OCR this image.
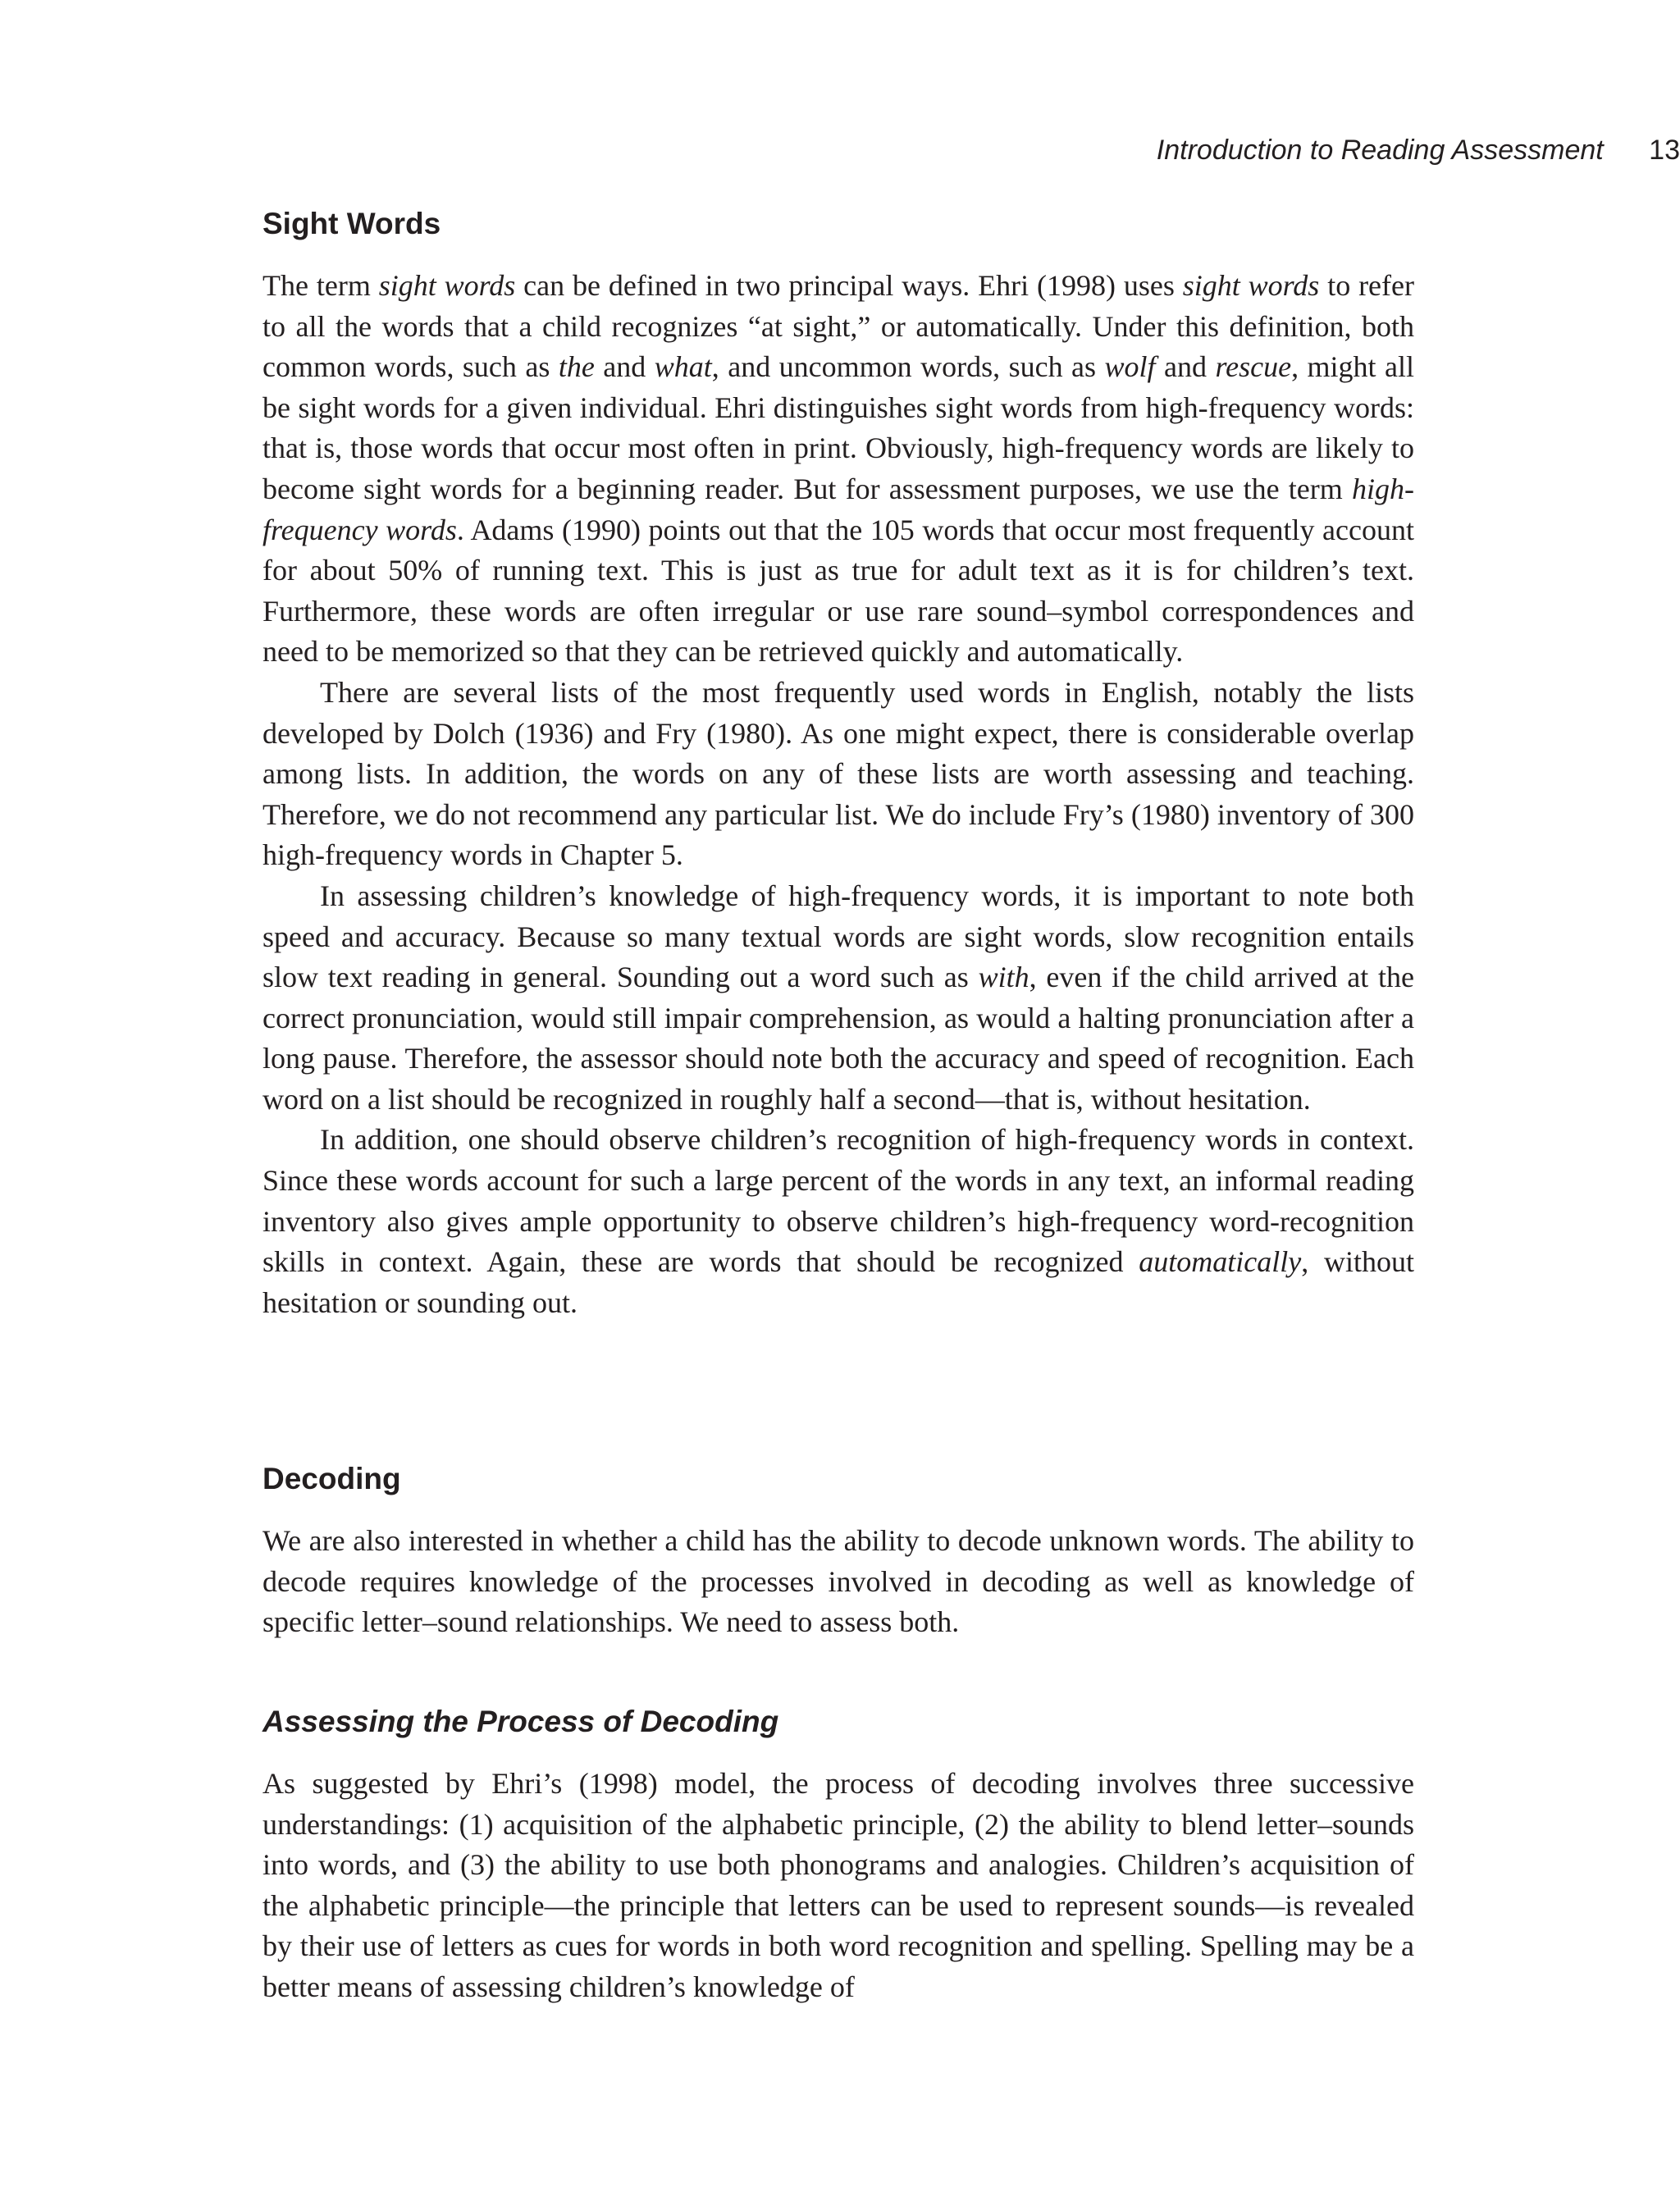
Introduction to Reading Assessment 13
Sight Words

The term sight words can be defined in two principal ways. Ehri (1998) uses sight words to refer to all the words that a child recognizes “at sight,” or automatically. Under this definition, both common words, such as the and what, and uncommon words, such as wolf and rescue, might all be sight words for a given individual. Ehri distinguishes sight words from high-frequency words: that is, those words that occur most often in print. Obviously, high-frequency words are likely to become sight words for a beginning reader. But for assessment purposes, we use the term high-frequency words. Adams (1990) points out that the 105 words that occur most frequently account for about 50% of running text. This is just as true for adult text as it is for children’s text. Furthermore, these words are often irregular or use rare sound–symbol correspondences and need to be memorized so that they can be retrieved quickly and automatically.

There are several lists of the most frequently used words in English, notably the lists developed by Dolch (1936) and Fry (1980). As one might expect, there is considerable overlap among lists. In addition, the words on any of these lists are worth assessing and teaching. Therefore, we do not recommend any particular list. We do include Fry’s (1980) inventory of 300 high-frequency words in Chapter 5.

In assessing children’s knowledge of high-frequency words, it is important to note both speed and accuracy. Because so many textual words are sight words, slow recognition entails slow text reading in general. Sounding out a word such as with, even if the child arrived at the correct pronunciation, would still impair comprehension, as would a halting pronunciation after a long pause. Therefore, the assessor should note both the accuracy and speed of recognition. Each word on a list should be recognized in roughly half a second—that is, without hesitation.

In addition, one should observe children’s recognition of high-frequency words in context. Since these words account for such a large percent of the words in any text, an informal reading inventory also gives ample opportunity to observe children’s high-frequency word-recognition skills in context. Again, these are words that should be recognized automatically, without hesitation or sounding out.

Decoding

We are also interested in whether a child has the ability to decode unknown words. The ability to decode requires knowledge of the processes involved in decoding as well as knowledge of specific letter–sound relationships. We need to assess both.

Assessing the Process of Decoding

As suggested by Ehri’s (1998) model, the process of decoding involves three successive understandings: (1) acquisition of the alphabetic principle, (2) the ability to blend letter–sounds into words, and (3) the ability to use both phonograms and analogies. Children’s acquisition of the alphabetic principle—the principle that letters can be used to represent sounds—is revealed by their use of letters as cues for words in both word recognition and spelling. Spelling may be a better means of assessing children’s knowledge of
